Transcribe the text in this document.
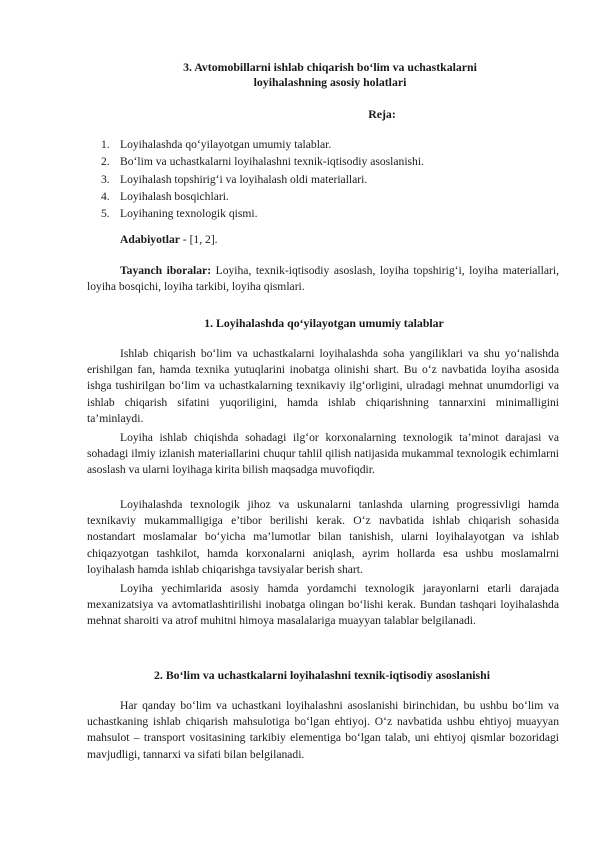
3. Avtomobillarni ishlab chiqarish bo‘lim va uchastkalarni
loyihalashning asosiy holatlari
Reja:
1. Loyihalashda qo‘yilayotgan umumiy talablar.
2. Bo‘lim va uchastkalarni loyihalashni texnik-iqtisodiy asoslanishi.
3. Loyihalash topshirig‘i va loyihalash oldi materiallari.
4. Loyihalash bosqichlari.
5. Loyihaning texnologik qismi.
Adabiyotlar - [1, 2].

Tayanch iboralar: Loyiha, texnik-iqtisodiy asoslash, loyiha topshirig‘i, loyiha materiallari, loyiha bosqichi, loyiha tarkibi, loyiha qismlari.

1. Loyihalashda qo‘yilayotgan umumiy talablar

Ishlab chiqarish bo‘lim va uchastkalarni loyihalashda soha yangiliklari va shu yo‘nalishda erishilgan fan, hamda texnika yutuqlarini inobatga olinishi shart. Bu o‘z navbatida loyiha asosida ishga tushirilgan bo‘lim va uchastkalarning texnikaviy ilg‘orligini, ulradagi mehnat unumdorligi va ishlab chiqarish sifatini yuqoriligini, hamda ishlab chiqarishning tannarxini minimalligini ta’minlaydi.

Loyiha ishlab chiqishda sohadagi ilg‘or korxonalarning texnologik ta’minot darajasi va sohadagi ilmiy izlanish materiallarini chuqur tahlil qilish natijasida mukammal texnologik echimlarni asoslash va ularni loyihaga kirita bilish maqsadga muvofiqdir.

Loyihalashda texnologik jihoz va uskunalarni tanlashda ularning progressivligi hamda texnikaviy mukammalligiga e’tibor berilishi kerak. O‘z navbatida ishlab chiqarish sohasida nostandart moslamalar bo‘yicha ma’lumotlar bilan tanishish, ularni loyihalayotgan va ishlab chiqazyotgan tashkilot, hamda korxonalarni aniqlash, ayrim hollarda esa ushbu moslamalrni loyihalash hamda ishlab chiqarishga tavsiyalar berish shart.

Loyiha yechimlarida asosiy hamda yordamchi texnologik jarayonlarni etarli darajada mexanizatsiya va avtomatlashtirilishi inobatga olingan bo‘lishi kerak. Bundan tashqari loyihalashda mehnat sharoiti va atrof muhitni himoya masalalariga muayyan talablar belgilanadi.

2. Bo‘lim va uchastkalarni loyihalashni texnik-iqtisodiy asoslanishi

Har qanday bo‘lim va uchastkani loyihalashni asoslanishi birinchidan, bu ushbu bo‘lim va uchastkaning ishlab chiqarish mahsulotiga bo‘lgan ehtiyoj. O‘z navbatida ushbu ehtiyoj muayyan mahsulot – transport vositasining tarkibiy elementiga bo‘lgan talab, uni ehtiyoj qismlar bozoridagi mavjudligi, tannarxi va sifati bilan belgilanadi.
